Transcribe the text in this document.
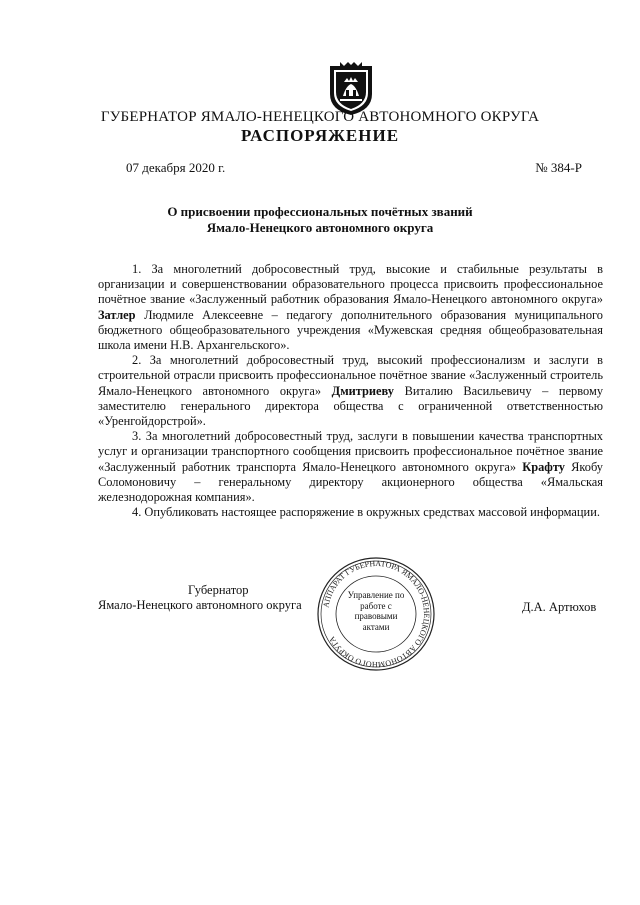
ГУБЕРНАТОР ЯМАЛО-НЕНЕЦКОГО АВТОНОМНОГО ОКРУГА
РАСПОРЯЖЕНИЕ
07 декабря 2020 г.	№ 384-Р
О присвоении профессиональных почётных званий
Ямало-Ненецкого автономного округа

1. За многолетний добросовестный труд, высокие и стабильные результаты в организации и совершенствовании образовательного процесса присвоить профессиональное почётное звание «Заслуженный работник образования Ямало-Ненецкого автономного округа» Затлер Людмиле Алексеевне – педагогу дополнительного образования муниципального бюджетного общеобразовательного учреждения «Мужевская средняя общеобразовательная школа имени Н.В. Архангельского».

2. За многолетний добросовестный труд, высокий профессионализм и заслуги в строительной отрасли присвоить профессиональное почётное звание «Заслуженный строитель Ямало-Ненецкого автономного округа» Дмитриеву Виталию Васильевичу – первому заместителю генерального директора общества с ограниченной ответственностью «Уренгойдорстрой».

3. За многолетний добросовестный труд, заслуги в повышении качества транспортных услуг и организации транспортного сообщения присвоить профессиональное почётное звание «Заслуженный работник транспорта Ямало-Ненецкого автономного округа» Крафту Якобу Соломоновичу – генеральному директору акционерного общества «Ямальская железнодорожная компания».

4. Опубликовать настоящее распоряжение в окружных средствах массовой информации.

Губернатор
Ямало-Ненецкого автономного округа АППАРАТ ГУБЕРНАТОРА ЯМАЛО-НЕНЕЦКОГО АВТОНОМНОГО ОКРУГА
Управление по работе с правовыми актами
Д.А. Артюхов
